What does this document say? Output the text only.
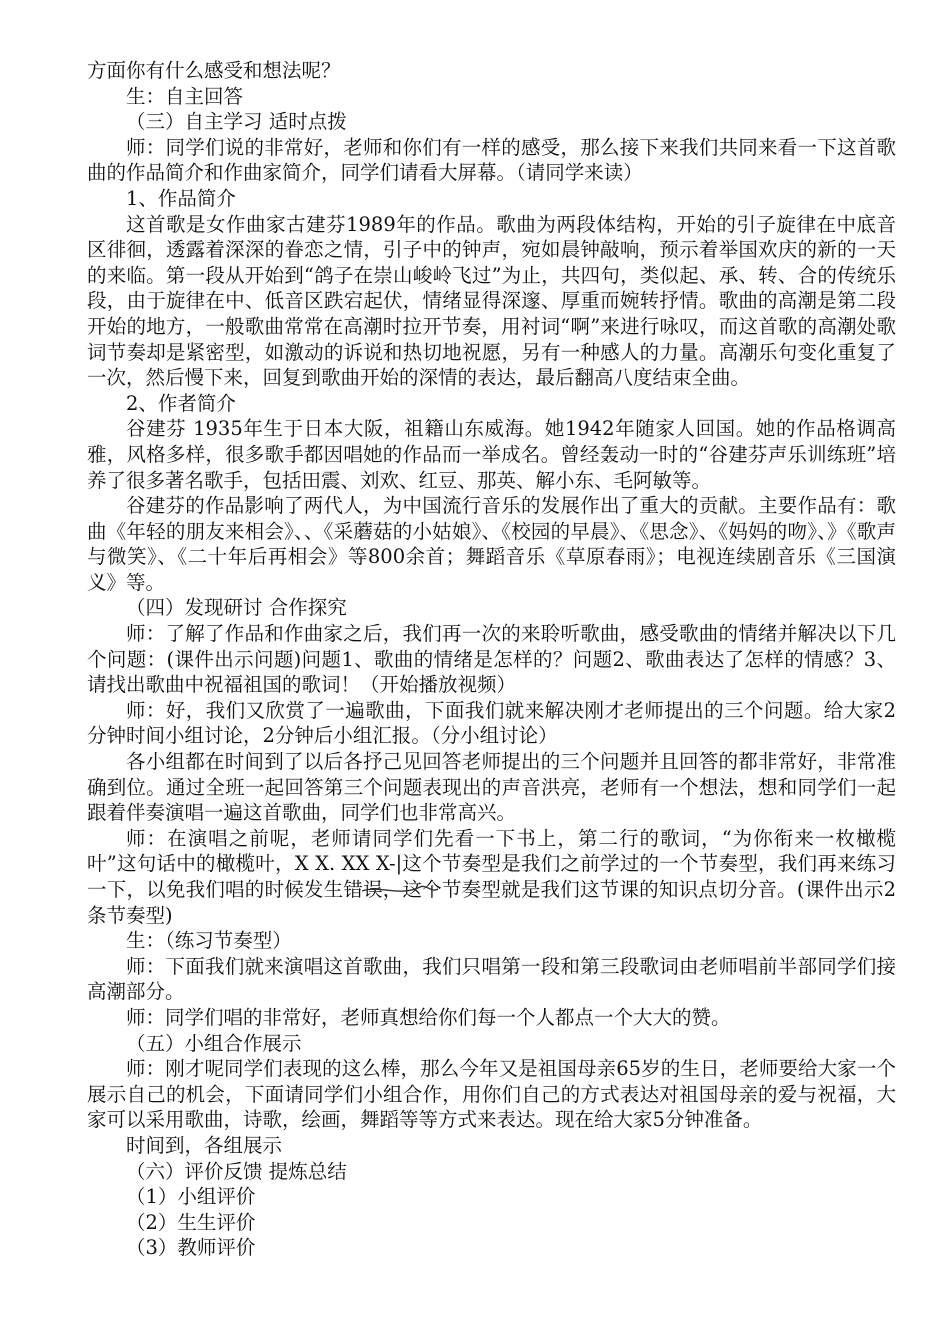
方面你有什么感受和想法呢？

生：自主回答

（三）自主学习 适时点拨

师：同学们说的非常好，老师和你们有一样的感受，那么接下来我们共同来看一下这首歌曲的作品简介和作曲家简介，同学们请看大屏幕。（请同学来读）

1、作品简介

这首歌是女作曲家古建芬1989年的作品。歌曲为两段体结构，开始的引子旋律在中底音区徘徊，透露着深深的眷恋之情，引子中的钟声，宛如晨钟敲响，预示着举国欢庆的新的一天的来临。第一段从开始到“鸽子在崇山峻岭飞过”为止，共四句，类似起、承、转、合的传统乐段，由于旋律在中、低音区跌宕起伏，情绪显得深邃、厚重而婉转抒情。歌曲的高潮是第二段开始的地方，一般歌曲常常在高潮时拉开节奏，用衬词“啊”来进行咏叹，而这首歌的高潮处歌词节奏却是紧密型，如激动的诉说和热切地祝愿，另有一种感人的力量。高潮乐句变化重复了一次，然后慢下来，回复到歌曲开始的深情的表达，最后翻高八度结束全曲。

2、作者简介

谷建芬 1935年生于日本大阪，祖籍山东威海。她1942年随家人回国。她的作品格调高雅，风格多样，很多歌手都因唱她的作品而一举成名。曾经轰动一时的“谷建芬声乐训练班”培养了很多著名歌手，包括田震、刘欢、红豆、那英、解小东、毛阿敏等。

谷建芬的作品影响了两代人，为中国流行音乐的发展作出了重大的贡献。主要作品有：歌曲《年轻的朋友来相会》、、《采蘑菇的小姑娘》、《校园的早晨》、《思念》、《妈妈的吻》、》《歌声与微笑》、《二十年后再相会》等800余首；舞蹈音乐《草原春雨》；电视连续剧音乐《三国演义》等。

（四）发现研讨 合作探究

师：了解了作品和作曲家之后，我们再一次的来聆听歌曲，感受歌曲的情绪并解决以下几个问题：(课件出示问题)问题1、歌曲的情绪是怎样的？问题2、歌曲表达了怎样的情感？3、请找出歌曲中祝福祖国的歌词！（开始播放视频）

师：好，我们又欣赏了一遍歌曲，下面我们就来解决刚才老师提出的三个问题。给大家2分钟时间小组讨论，2分钟后小组汇报。（分小组讨论）

各小组都在时间到了以后各抒己见回答老师提出的三个问题并且回答的都非常好，非常准确到位。通过全班一起回答第三个问题表现出的声音洪亮，老师有一个想法，想和同学们一起跟着伴奏演唱一遍这首歌曲，同学们也非常高兴。

师：在演唱之前呢，老师请同学们先看一下书上，第二行的歌词，“为你衔来一枚橄榄叶”这句话中的橄榄叶，X X. XX X-|这个节奏型是我们之前学过的一个节奏型，我们再来练习一下，以免我们唱的时候发生错误，这个节奏型就是我们这节课的知识点切分音。(课件出示2条节奏型)

生：（练习节奏型）

师：下面我们就来演唱这首歌曲，我们只唱第一段和第三段歌词由老师唱前半部同学们接高潮部分。

师：同学们唱的非常好，老师真想给你们每一个人都点一个大大的赞。

（五）小组合作展示

师：刚才呢同学们表现的这么棒，那么今年又是祖国母亲65岁的生日，老师要给大家一个展示自己的机会，下面请同学们小组合作，用你们自己的方式表达对祖国母亲的爱与祝福，大家可以采用歌曲，诗歌，绘画，舞蹈等等方式来表达。现在给大家5分钟准备。

时间到，各组展示

（六）评价反馈 提炼总结

（1）小组评价

（2）生生评价

（3）教师评价
